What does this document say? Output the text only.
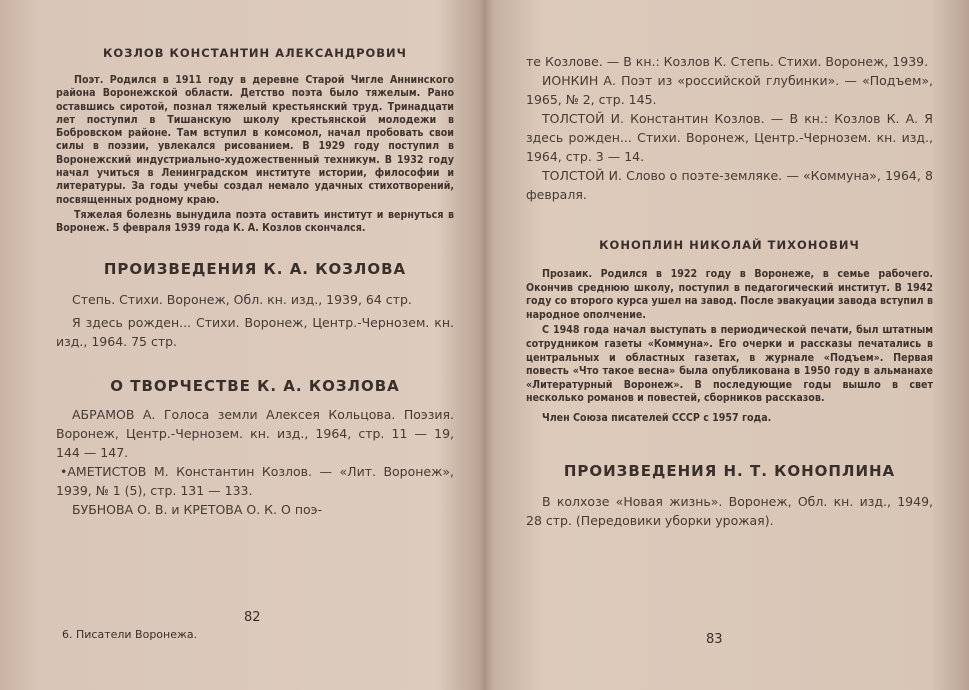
КОЗЛОВ КОНСТАНТИН АЛЕКСАНДРОВИЧ

Поэт. Родился в 1911 году в деревне Старой Чигле Аннинского района Воронежской области. Детство поэта было тяжелым. Рано оставшись сиротой, познал тяжелый крестьянский труд. Тринадцати лет поступил в Тишанскую школу крестьянской молодежи в Бобровском районе. Там вступил в комсомол, начал пробовать свои силы в поэзии, увлекался рисованием. В 1929 году поступил в Воронежский индустриально-художественный техникум. В 1932 году начал учиться в Ленинградском институте истории, философии и литературы. За годы учебы создал немало удачных стихотворений, посвященных родному краю.

Тяжелая болезнь вынудила поэта оставить институт и вернуться в Воронеж. 5 февраля 1939 года К. А. Козлов скончался.

ПРОИЗВЕДЕНИЯ К. А. КОЗЛОВА

Степь. Стихи. Воронеж, Обл. кн. изд., 1939, 64 стр.

Я здесь рожден... Стихи. Воронеж, Центр.-Чернозем. кн. изд., 1964. 75 стр.

О ТВОРЧЕСТВЕ К. А. КОЗЛОВА

АБРАМОВ А. Голоса земли Алексея Кольцова. Поэзия. Воронеж, Центр.-Чернозем. кн. изд., 1964, стр. 11 — 19, 144 — 147.

•АМЕТИСТОВ М. Константин Козлов. — «Лит. Воронеж», 1939, № 1 (5), стр. 131 — 133.

БУБНОВА О. В. и КРЕТОВА О. К. О поэ-

82
6. Писатели Воронежа.

те Козлове. — В кн.: Козлов К. Степь. Стихи. Воронеж, 1939.

ИОНКИН А. Поэт из «российской глубинки». — «Подъем», 1965, № 2, стр. 145.

ТОЛСТОЙ И. Константин Козлов. — В кн.: Козлов К. А. Я здесь рожден... Стихи. Воронеж, Центр.-Чернозем. кн. изд., 1964, стр. 3 — 14.

ТОЛСТОЙ И. Слово о поэте-земляке. — «Коммуна», 1964, 8 февраля.

КОНОПЛИН НИКОЛАЙ ТИХОНОВИЧ

Прозаик. Родился в 1922 году в Воронеже, в семье рабочего. Окончив среднюю школу, поступил в педагогический институт. В 1942 году со второго курса ушел на завод. После эвакуации завода вступил в народное ополчение.

С 1948 года начал выступать в периодической печати, был штатным сотрудником газеты «Коммуна». Его очерки и рассказы печатались в центральных и областных газетах, в журнале «Подъем». Первая повесть «Что такое весна» была опубликована в 1950 году в альманахе «Литературный Воронеж». В последующие годы вышло в свет несколько романов и повестей, сборников рассказов.

Член Союза писателей СССР с 1957 года.

ПРОИЗВЕДЕНИЯ Н. Т. КОНОПЛИНА

В колхозе «Новая жизнь». Воронеж, Обл. кн. изд., 1949, 28 стр. (Передовики уборки урожая).

83
